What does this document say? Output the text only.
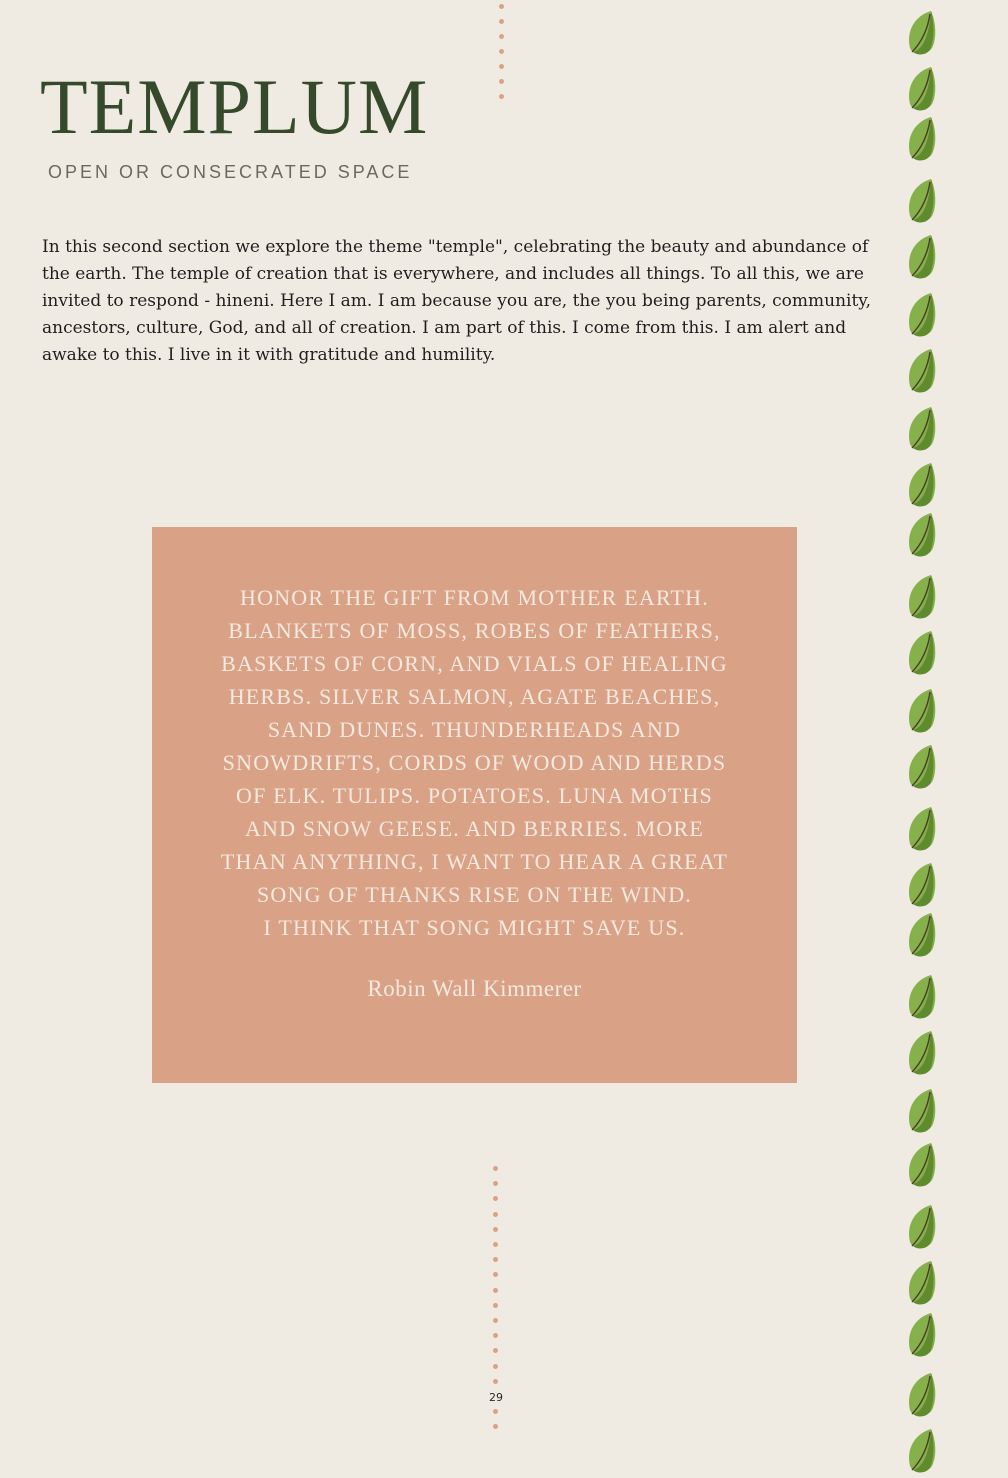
TEMPLUM

OPEN OR CONSECRATED SPACE

In this second section we explore the theme "temple", celebrating the beauty and abundance of the earth. The temple of creation that is everywhere, and includes all things. To all this, we are invited to respond - hineni. Here I am. I am because you are, the you being parents, community, ancestors, culture, God, and all of creation. I am part of this. I come from this. I am alert and awake to this. I live in it with gratitude and humility.

HONOR THE GIFT FROM MOTHER EARTH.
BLANKETS OF MOSS, ROBES OF FEATHERS,
BASKETS OF CORN, AND VIALS OF HEALING
HERBS. SILVER SALMON, AGATE BEACHES,
SAND DUNES. THUNDERHEADS AND
SNOWDRIFTS, CORDS OF WOOD AND HERDS
OF ELK. TULIPS. POTATOES. LUNA MOTHS
AND SNOW GEESE. AND BERRIES. MORE
THAN ANYTHING, I WANT TO HEAR A GREAT
SONG OF THANKS RISE ON THE WIND.
I THINK THAT SONG MIGHT SAVE US.

Robin Wall Kimmerer

29
